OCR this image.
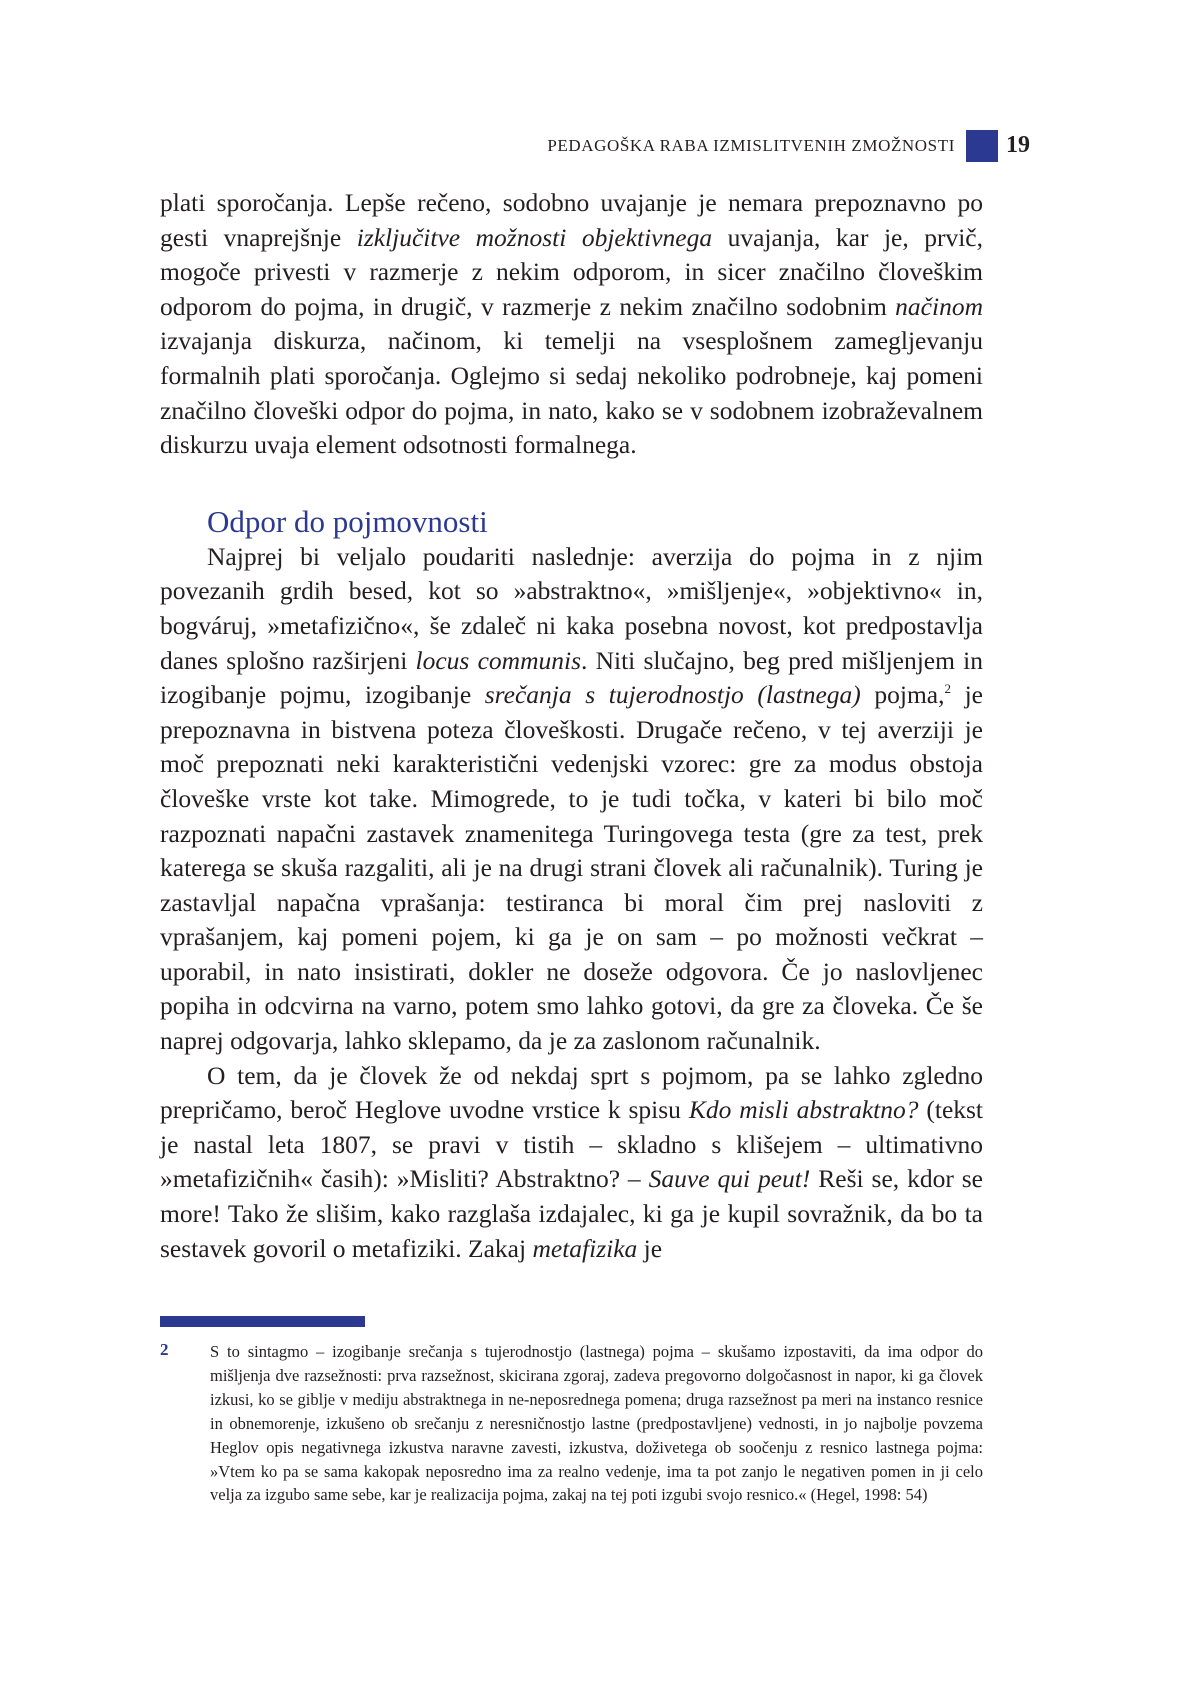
PEDAGOŠKA RABA IZMISLITVENIH ZMOŽNOSTI 19

plati sporočanja. Lepše rečeno, sodobno uvajanje je nemara prepoznavno po gesti vnaprejšnje izključitve možnosti objektivnega uvajanja, kar je, prvič, mogoče privesti v razmerje z nekim odporom, in sicer značilno človeškim odporom do pojma, in drugič, v razmerje z nekim značilno sodobnim načinom izvajanja diskurza, načinom, ki temelji na vsesplošnem zamegljevanju formalnih plati sporočanja. Oglejmo si sedaj nekoliko podrobneje, kaj pomeni značilno človeški odpor do pojma, in nato, kako se v sodobnem izobraževalnem diskurzu uvaja element odsotnosti formalnega.

Odpor do pojmovnosti

Najprej bi veljalo poudariti naslednje: averzija do pojma in z njim povezanih grdih besed, kot so »abstraktno«, »mišljenje«, »objektivno« in, bogváruj, »metafizično«, še zdaleč ni kaka posebna novost, kot predpostavlja danes splošno razširjeni locus communis. Niti slučajno, beg pred mišljenjem in izogibanje pojmu, izogibanje srečanja s tujerodnostjo (lastnega) pojma,$^2$ je prepoznavna in bistvena poteza človeškosti. Drugače rečeno, v tej averziji je moč prepoznati neki karakteristični vedenjski vzorec: gre za modus obstoja človeške vrste kot take. Mimogrede, to je tudi točka, v kateri bi bilo moč razpoznati napačni zastavek znamenitega Turingovega testa (gre za test, prek katerega se skuša razgaliti, ali je na drugi strani človek ali računalnik). Turing je zastavljal napačna vprašanja: testiranca bi moral čim prej nasloviti z vprašanjem, kaj pomeni pojem, ki ga je on sam – po možnosti večkrat – uporabil, in nato insistirati, dokler ne doseže odgovora. Če jo naslovljenec popiha in odcvirna na varno, potem smo lahko gotovi, da gre za človeka. Če še naprej odgovarja, lahko sklepamo, da je za zaslonom računalnik.

O tem, da je človek že od nekdaj sprt s pojmom, pa se lahko zgledno prepričamo, beroč Heglove uvodne vrstice k spisu Kdo misli abstraktno? (tekst je nastal leta 1807, se pravi v tistih – skladno s klišejem – ultimativno »metafizičnih« časih): »Misliti? Abstraktno? – Sauve qui peut! Reši se, kdor se more! Tako že slišim, kako razglaša izdajalec, ki ga je kupil sovražnik, da bo ta sestavek govoril o metafiziki. Zakaj metafizika je

2	S to sintagmo – izogibanje srečanja s tujerodnostjo (lastnega) pojma – skušamo izpostaviti, da ima odpor do mišljenja dve razsežnosti: prva razsežnost, skicirana zgoraj, zadeva pregovorno dolgočasnost in napor, ki ga človek izkusi, ko se giblje v mediju abstraktnega in ne-neposrednega pomena; druga razsežnost pa meri na instanco resnice in obnemorenje, izkušeno ob srečanju z neresničnostjo lastne (predpostavljene) vednosti, in jo najbolje povzema Heglov opis negativnega izkustva naravne zavesti, izkustva, doživetega ob soočenju z resnico lastnega pojma: »Vtem ko pa se sama kakopak neposredno ima za realno vedenje, ima ta pot zanjo le negativen pomen in ji celo velja za izgubo same sebe, kar je realizacija pojma, zakaj na tej poti izgubi svojo resnico.« (Hegel, 1998: 54)
